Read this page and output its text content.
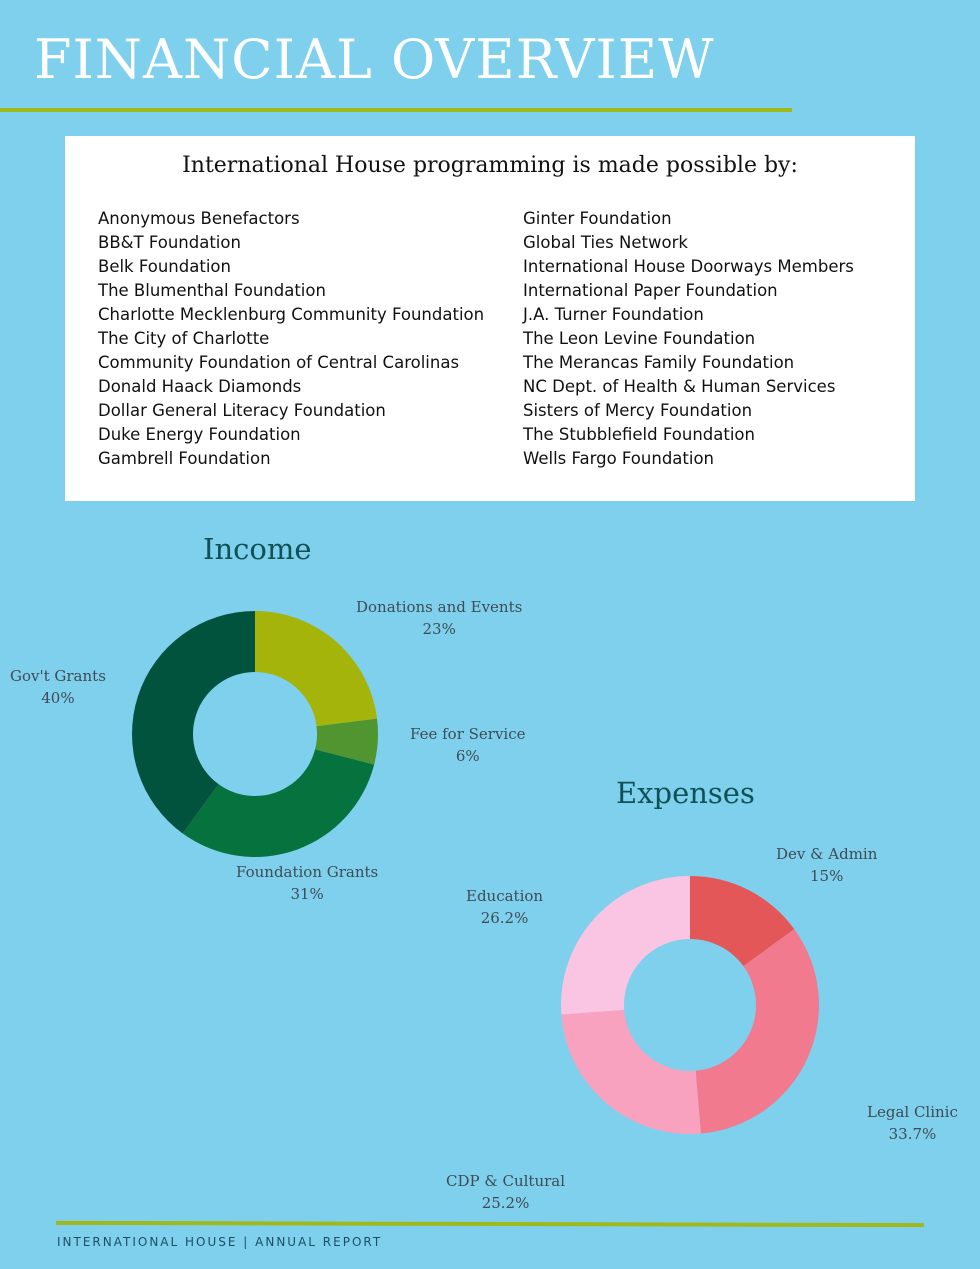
FINANCIAL OVERVIEW
International House programming is made possible by:
Anonymous Benefactors
BB&T Foundation
Belk Foundation
The Blumenthal Foundation
Charlotte Mecklenburg Community Foundation
The City of Charlotte
Community Foundation of Central Carolinas
Donald Haack Diamonds
Dollar General Literacy Foundation
Duke Energy Foundation
Gambrell Foundation
Ginter Foundation
Global Ties Network
International House Doorways Members
International Paper Foundation
J.A. Turner Foundation
The Leon Levine Foundation
The Merancas Family Foundation
NC Dept. of Health & Human Services
Sisters of Mercy Foundation
The Stubblefield Foundation
Wells Fargo Foundation
Income
Donations and Events
23%
Fee for Service
6%
Foundation Grants
31%
Gov't Grants
40%
Expenses
Dev & Admin
15%
Legal Clinic
33.7%
CDP & Cultural
25.2%
Education
26.2%
INTERNATIONAL HOUSE | ANNUAL REPORT
